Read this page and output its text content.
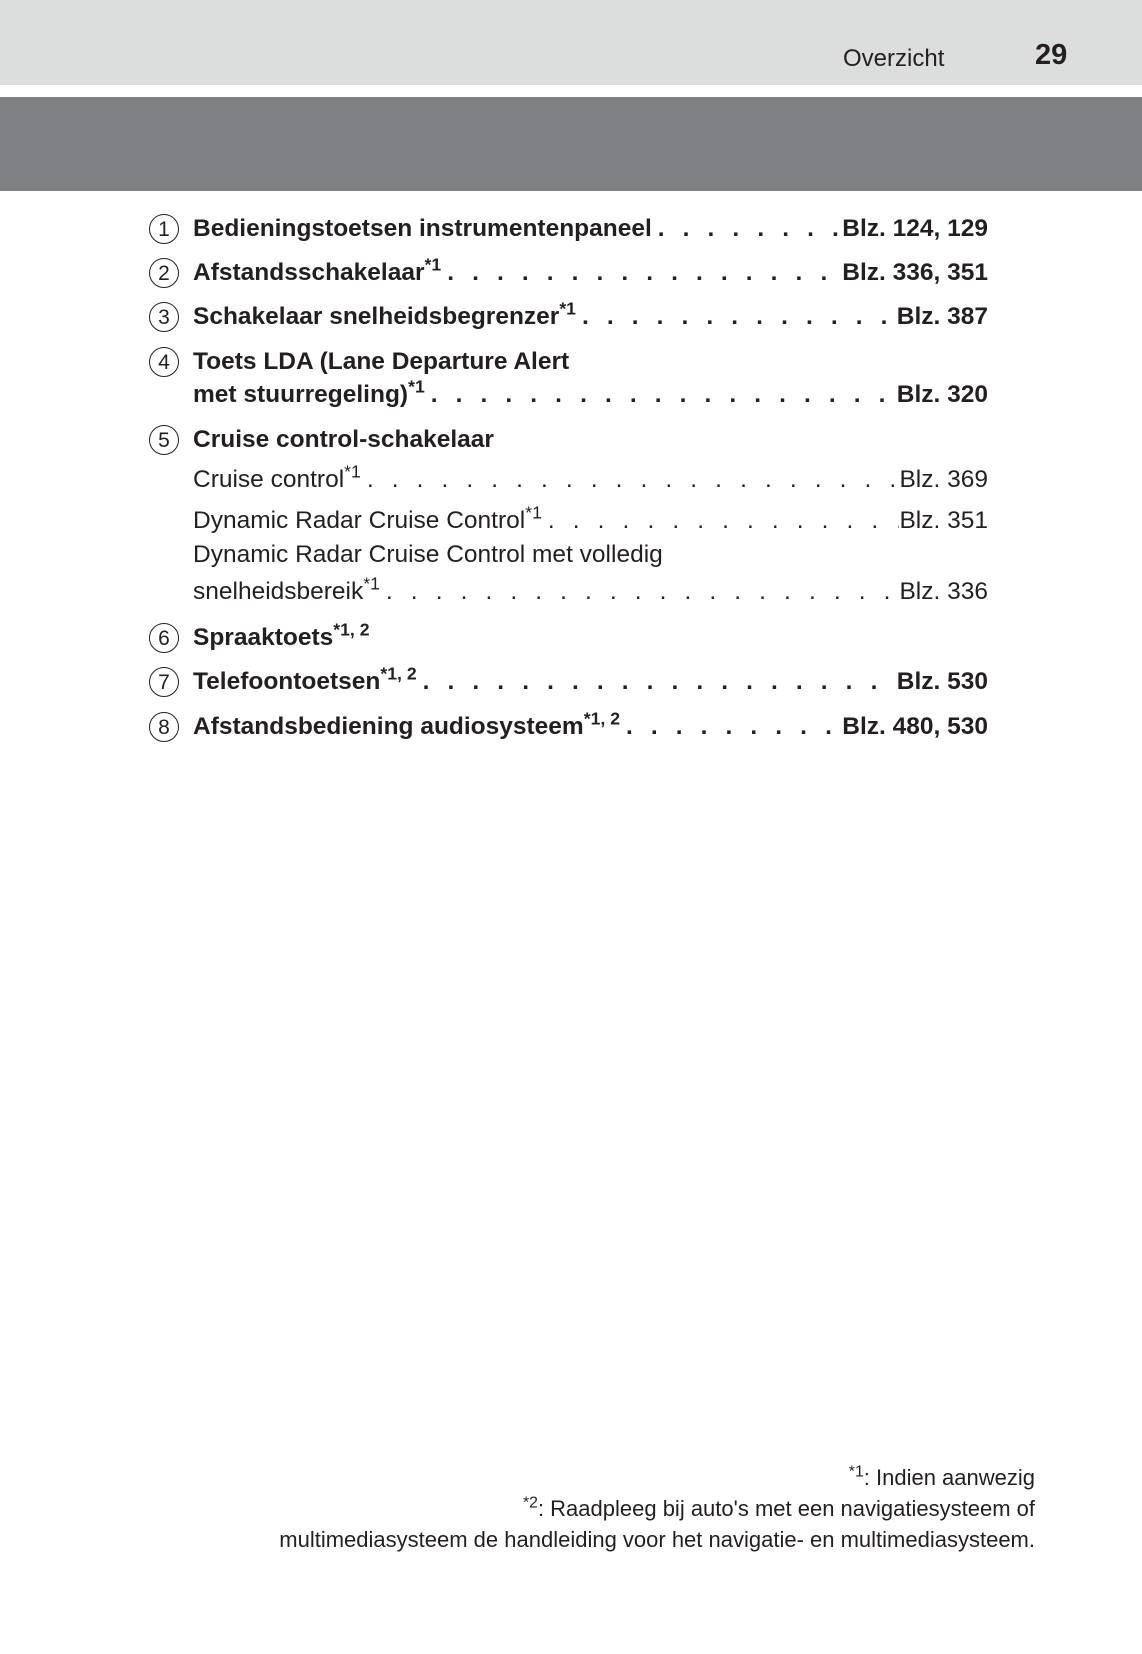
Overzicht	29
1 Bedieningstoetsen instrumentenpaneel . . .	Blz. 124, 129
2 Afstandsschakelaar$^{*1}$ . . .	Blz. 336, 351
3 Schakelaar snelheidsbegrenzer$^{*1}$ . . .	Blz. 387
4 Toets LDA (Lane Departure Alert
met stuurregeling)$^{*1}$ . . .	Blz. 320
5 Cruise control-schakelaar
Cruise control$^{*1}$ . . .	Blz. 369
Dynamic Radar Cruise Control$^{*1}$ . . .	Blz. 351
Dynamic Radar Cruise Control met volledig
snelheidsbereik$^{*1}$ . . .	Blz. 336
6 Spraaktoets$^{*1, 2}$
7 Telefoontoetsen$^{*1, 2}$ . . .	Blz. 530
8 Afstandsbediening audiosysteem$^{*1, 2}$ . . .	Blz. 480, 530
$^{*1}$: Indien aanwezig
$^{*2}$: Raadpleeg bij auto's met een navigatiesysteem of
multimediasysteem de handleiding voor het navigatie- en multimediasysteem.
